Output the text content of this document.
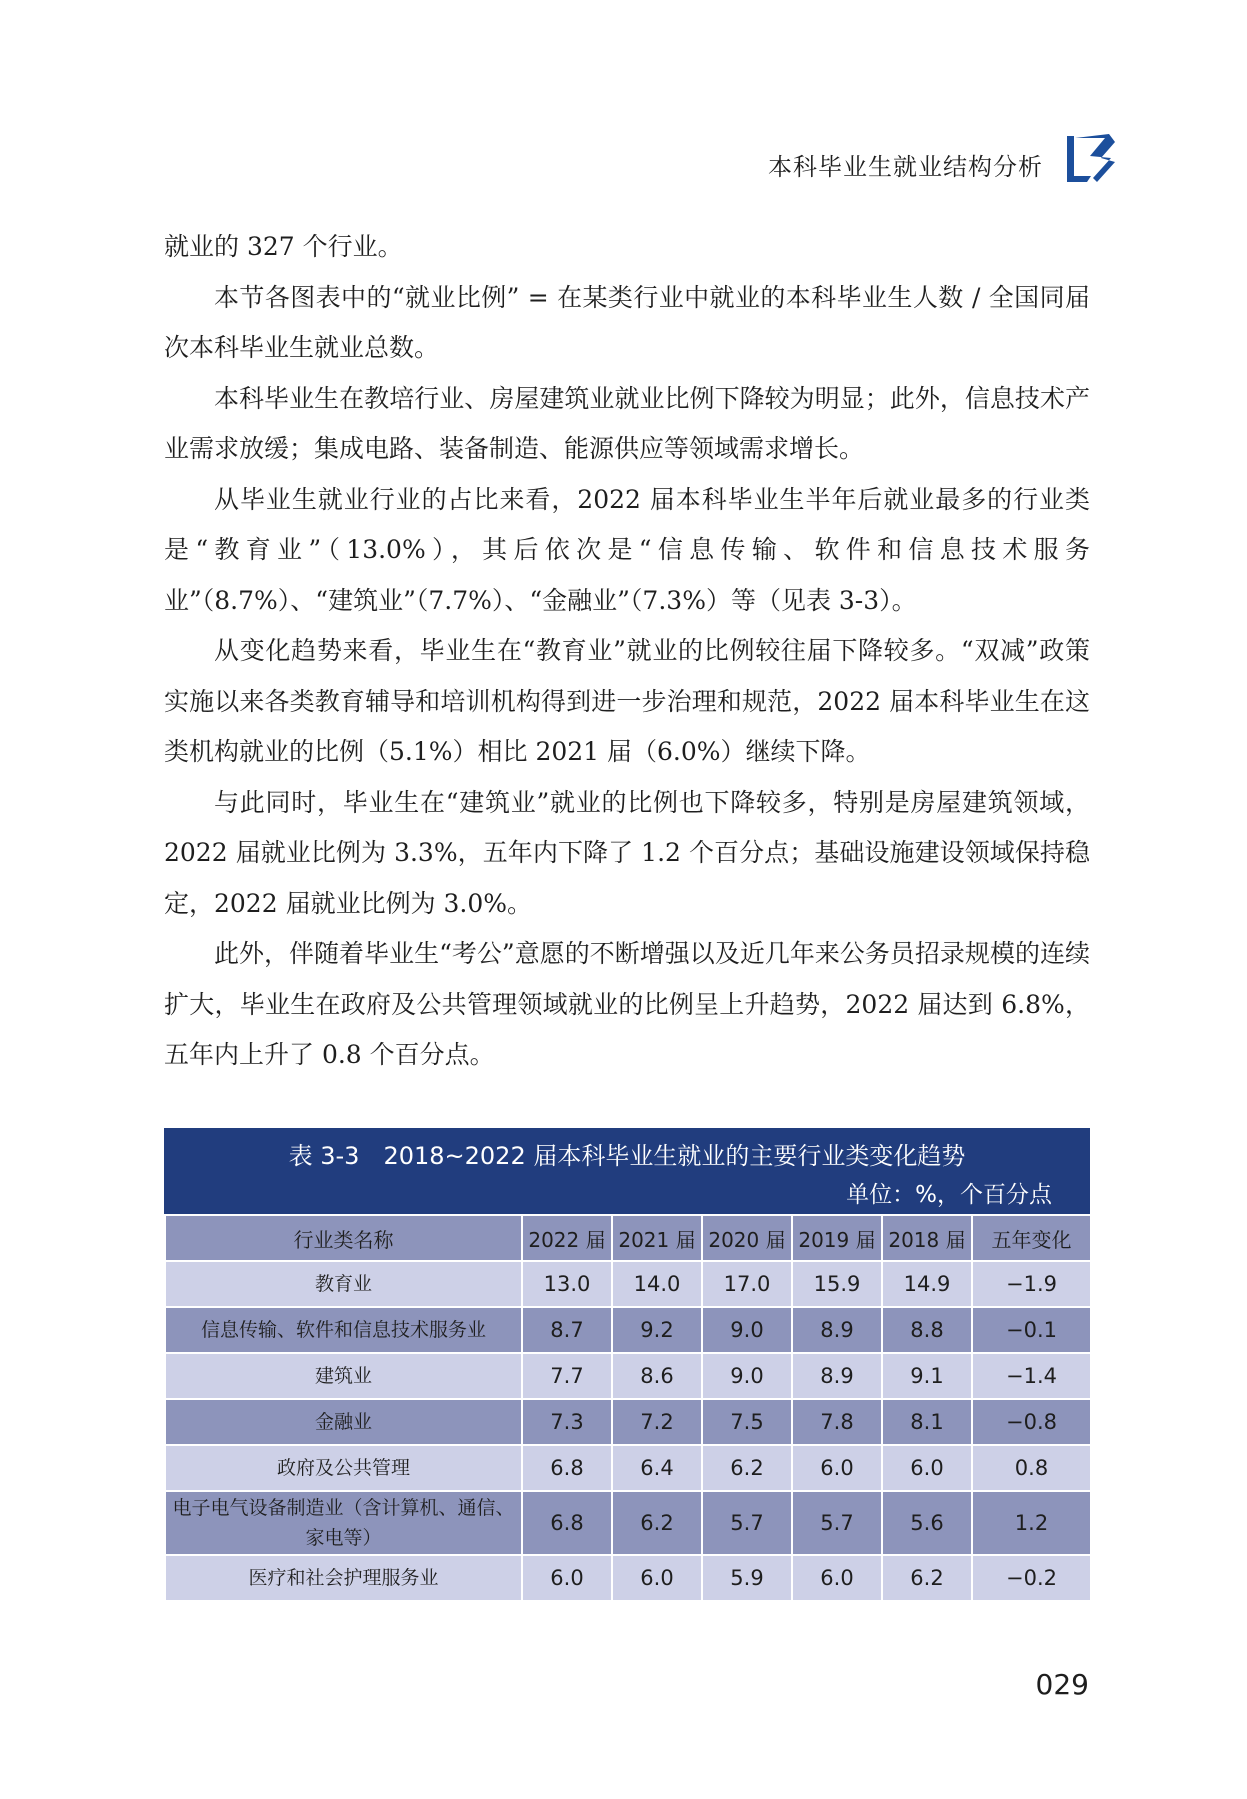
本科毕业生就业结构分析

就业的 327 个行业。

本节各图表中的“就业比例” = 在某类行业中就业的本科毕业生人数 / 全国同届次本科毕业生就业总数。

本科毕业生在教培行业、房屋建筑业就业比例下降较为明显；此外，信息技术产业需求放缓；集成电路、装备制造、能源供应等领域需求增长。

从毕业生就业行业的占比来看，2022 届本科毕业生半年后就业最多的行业类是“教育业”（13.0%），其后依次是“信息传输、软件和信息技术服务业”（8.7%）、“建筑业”（7.7%）、“金融业”（7.3%）等（见表 3-3）。

从变化趋势来看，毕业生在“教育业”就业的比例较往届下降较多。“双减”政策实施以来各类教育辅导和培训机构得到进一步治理和规范，2022 届本科毕业生在这类机构就业的比例（5.1%）相比 2021 届（6.0%）继续下降。

与此同时，毕业生在“建筑业”就业的比例也下降较多，特别是房屋建筑领域，2022 届就业比例为 3.3%，五年内下降了 1.2 个百分点；基础设施建设领域保持稳定，2022 届就业比例为 3.0%。

此外，伴随着毕业生“考公”意愿的不断增强以及近几年来公务员招录规模的连续扩大，毕业生在政府及公共管理领域就业的比例呈上升趋势，2022 届达到 6.8%，五年内上升了 0.8 个百分点。

表 3-3　2018~2022 届本科毕业生就业的主要行业类变化趋势
单位：%，个百分点
行业类名称	2022 届	2021 届	2020 届	2019 届	2018 届	五年变化
教育业	13.0	14.0	17.0	15.9	14.9	−1.9
信息传输、软件和信息技术服务业	8.7	9.2	9.0	8.9	8.8	−0.1
建筑业	7.7	8.6	9.0	8.9	9.1	−1.4
金融业	7.3	7.2	7.5	7.8	8.1	−0.8
政府及公共管理	6.8	6.4	6.2	6.0	6.0	0.8
电子电气设备制造业（含计算机、通信、家电等）	6.8	6.2	5.7	5.7	5.6	1.2
医疗和社会护理服务业	6.0	6.0	5.9	6.0	6.2	−0.2
029
